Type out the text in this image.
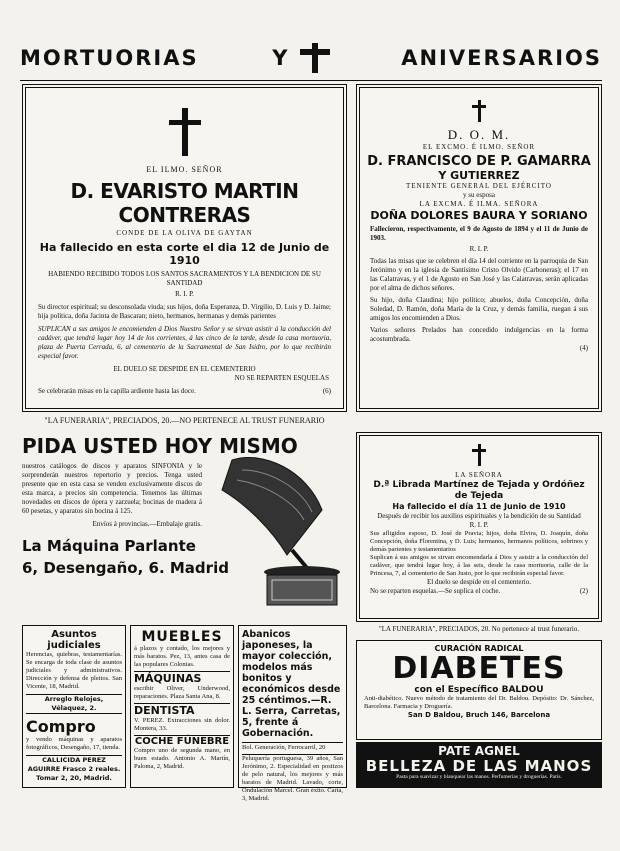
MORTUORIAS	Y	ANIVERSARIOS
EL ILMO. SEÑOR
D. EVARISTO MARTIN CONTRERAS
CONDE DE LA OLIVA DE GAYTAN
Ha fallecido en esta corte el dia 12 de Junio de 1910
HABIENDO RECIBIDO TODOS LOS SANTOS SACRAMENTOS Y LA BENDICION DE SU SANTIDAD
R. I. P.
Su director espiritual; su desconsolada viuda; sus hijos, doña Esperanza, D. Virgilio, D. Luis y D. Jaime; hija política, doña Jacinta de Bascaran; nieto, hermanos, hermanas y demás parientes
SUPLICAN a sus amigos le encomienden á Dios Nuestro Señor y se sirvan asistir á la conducción del cadáver, que tendrá lugar hoy 14 de los corrientes, á las cinco de la tarde, desde la casa mortuoria, plaza de Puerta Cerrada, 6, al cementerio de la Sacramental de San Isidro, por lo que recibirán especial favor.
EL DUELO SE DESPIDE EN EL CEMENTERIO
NO SE REPARTEN ESQUELAS
Se celebrarán misas en la capilla ardiente hasta las doce.	(6)
"LA FUNERARIA", PRECIADOS, 20.—NO PERTENECE AL TRUST FUNERARIO
D. O. M.
EL EXCMO. É ILMO. SEÑOR
D. FRANCISCO DE P. GAMARRA
Y GUTIERREZ
TENIENTE GENERAL DEL EJÉRCITO
y su esposa
LA EXCMA. É ILMA. SEÑORA
DOÑA DOLORES BAURA Y SORIANO
Fallecieron, respectivamente, el 9 de Agosto de 1894 y el 11 de Junio de 1903.
R. I. P.
Todas las misas que se celebren el día 14 del corriente en la parroquia de San Jerónimo y en la iglesia de Santísimo Cristo Olvido (Carboneras); el 17 en las Calatravas, y el 1 de Agosto en San José y las Calatravas, serán aplicadas por el alma de dichos señores.
Su hijo, doña Claudina; hijo político; abuelos, doña Concepción, doña Soledad, D. Ramón, doña María de la Cruz, y demás familia, ruegan á sus amigos los encomienden a Dios.
Varios señores Prelados han concedido indulgencias en la forma acostumbrada.
(4)
PIDA USTED HOY MISMO
nuestros catálogos de discos y aparatos SINFONIA y le sorprenderán nuestros repertorio y precios. Tenga usted presente que en esta casa se venden exclusivamente discos de esta marca, a precios sin competencia. Tenemos las últimas novedades en discos de ópera y zarzuela; bocinas de madera á 60 pesetas, y aparatos sin bocina á 125.
Envíos á provincias.—Embalaje gratis.
La Máquina Parlante
6, Desengaño, 6. Madrid
LA SEÑORA
D.ª Librada Martínez de Tejada y Ordóñez de Tejeda
Ha fallecido el día 11 de Junio de 1910
Después de recibir los auxilios espirituales y la bendición de su Santidad
R. I. P.
Sus afligidos esposo, D. José de Pravia; hijos, doña Elvira, D. Joaquín, doña Concepción, doña Florentina, y D. Luis; hermanos, hermanos políticos, sobrinos y demás parientes y testamentarios
Suplican á sus amigos se sirvan encomendarla á Dios y asistir a la conducción del cadáver, que tendrá lugar hoy, á las seis, desde la casa mortuoria, calle de la Princesa, 7, al cementerio de San Justo, por lo que recibirán especial favor.
El duelo se despide en el cementerio.
No se reparten esquelas.—Se suplica el coche.	(2)
"LA FUNERARIA", PRECIADOS, 20. No pertenece al trust funerario.
Asuntos judiciales
Herencias, quiebras, testamentarías. Se encarga de toda clase de asuntos judiciales y administrativos. Dirección y defensa de pleitos. San Vicente, 18, Madrid.
Arreglo Relojes, Vélaquez, 2.
Compro
y vendo máquinas y aparatos fotográficos, Desengaño, 17, tienda.
CALLICIDA PEREZ AGUIRRE Frasco 2 reales. Tomar 2, 20, Madrid.
MUEBLES
á plazos y contado, los mejores y más baratos. Pez, 13, antes casa de las populares Colonias.
MÁQUINAS
escribir Oliver, Underwood, reparaciones. Plaza Santa Ana, 8.
DENTISTA
V. PEREZ. Extracciones sin dolor. Montera, 33.
COCHE FÚNEBRE
Compro uno de segunda mano, en buen estado. Antonio A. Martín, Paloma, 2, Madrid.
Abanicos japoneses, la mayor colección, modelos más bonitos y económicos desde 25 céntimos.—R. L. Serra, Carretas, 5, frente á Gobernación.
Bol. Generación, Ferrocarril, 20
Peluquería portuguesa, 39 años, San Jerónimo, 2. Especialidad en postizos de pelo natural, los mejores y más baratos de Madrid. Lavado, corte, Ondulación Marcel. Gran éxito. Carta, 3, Madrid.
CURACIÓN RADICAL
DIABETES
con el Específico BALDOU
Anti-diabético. Nuevo método de tratamiento del Dr. Baldou. Depósito: Dr. Sánchez, Barcelona. Farmacia y Droguería.
San D Baldou, Bruch 146, Barcelona
PATE AGNEL
BELLEZA DE LAS MANOS
Pasta para suavizar y blanquear las manos. Perfumerías y droguerías. Paris.
